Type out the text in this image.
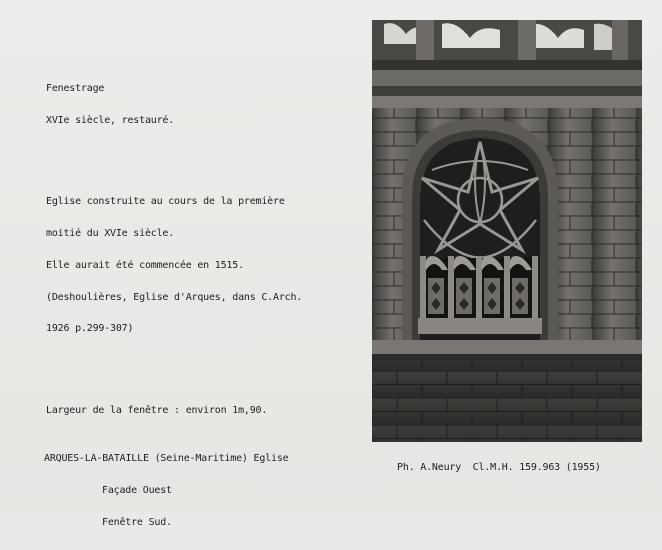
Fenestrage

XVIe siècle, restauré.

Eglise construite au cours de la première

moitié du XVIe siècle.

Elle aurait été commencée en 1515.

(Deshoulières, Eglise d'Arques, dans C.Arch.

1926 p.299-307)

Largeur de la fenêtre : environ 1m,90.

ARQUES-LA-BATAILLE (Seine-Maritime) Eglise

Façade Ouest

Fenêtre Sud.

Ph. A.Neury  Cl.M.H. 159.963 (1955)
